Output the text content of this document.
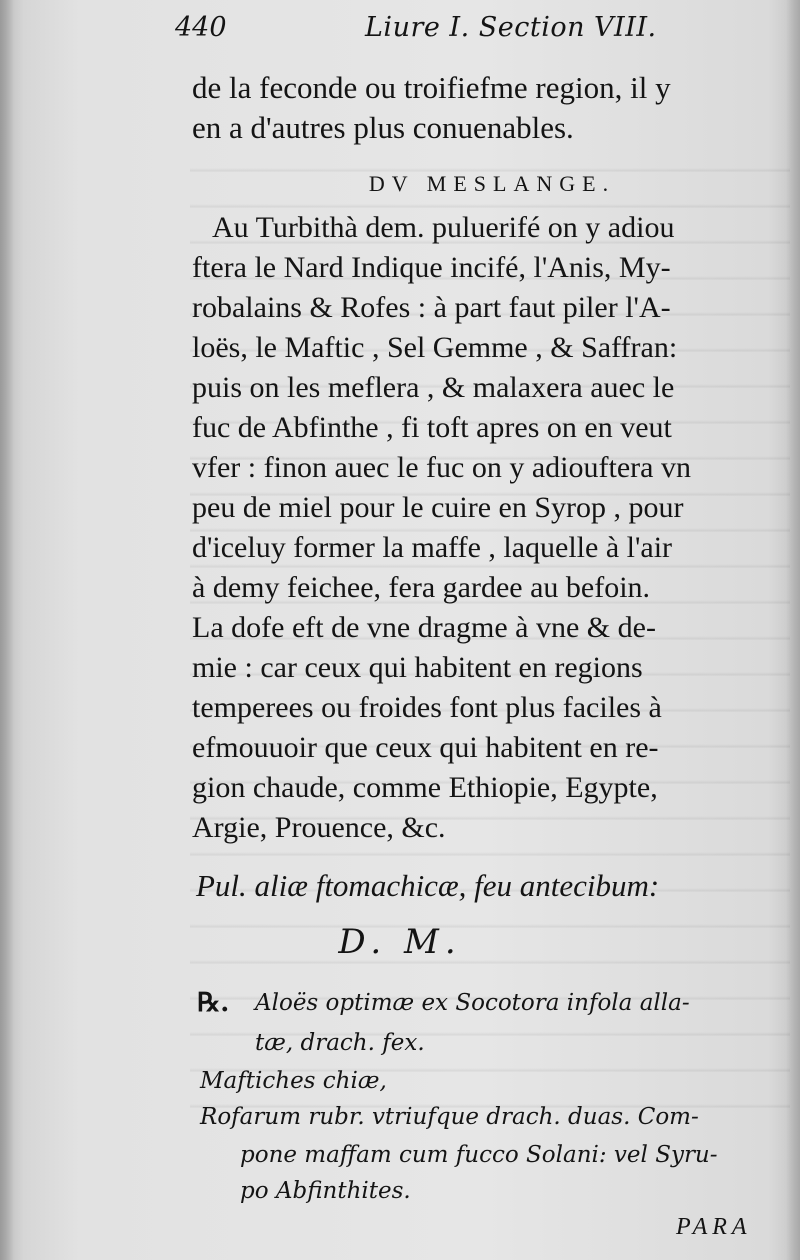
440	Liure I. Section VIII.
de la feconde ou troifiefme region, il y
en a d'autres plus conuenables.
DV MESLANGE.
Au Turbithà dem. puluerifé on y adiou
ftera le Nard Indique incifé, l'Anis, My-
robalains & Rofes : à part faut piler l'A-
loës, le Maftic , Sel Gemme , & Saffran:
puis on les meflera , & malaxera auec le
fuc de Abfinthe , fi toft apres on en veut
vfer : finon auec le fuc on y adiouftera vn
peu de miel pour le cuire en Syrop , pour
d'iceluy former la maffe , laquelle à l'air
à demy feichee, fera gardee au befoin.
La dofe eft de vne dragme à vne & de-
mie : car ceux qui habitent en regions
temperees ou froides font plus faciles à
efmouuoir que ceux qui habitent en re-
gion chaude, comme Ethiopie, Egypte,
Argie, Prouence, &c.
Pul. aliæ ftomachicæ, feu antecibum:
D. M.
℞. Aloës optimæ ex Socotora infola alla-
tæ, drach. fex.
Maftiches chiæ,
Rofarum rubr. vtriufque drach. duas. Com-
pone maffam cum fucco Solani: vel Syru-
po Abfinthites.
PARA
